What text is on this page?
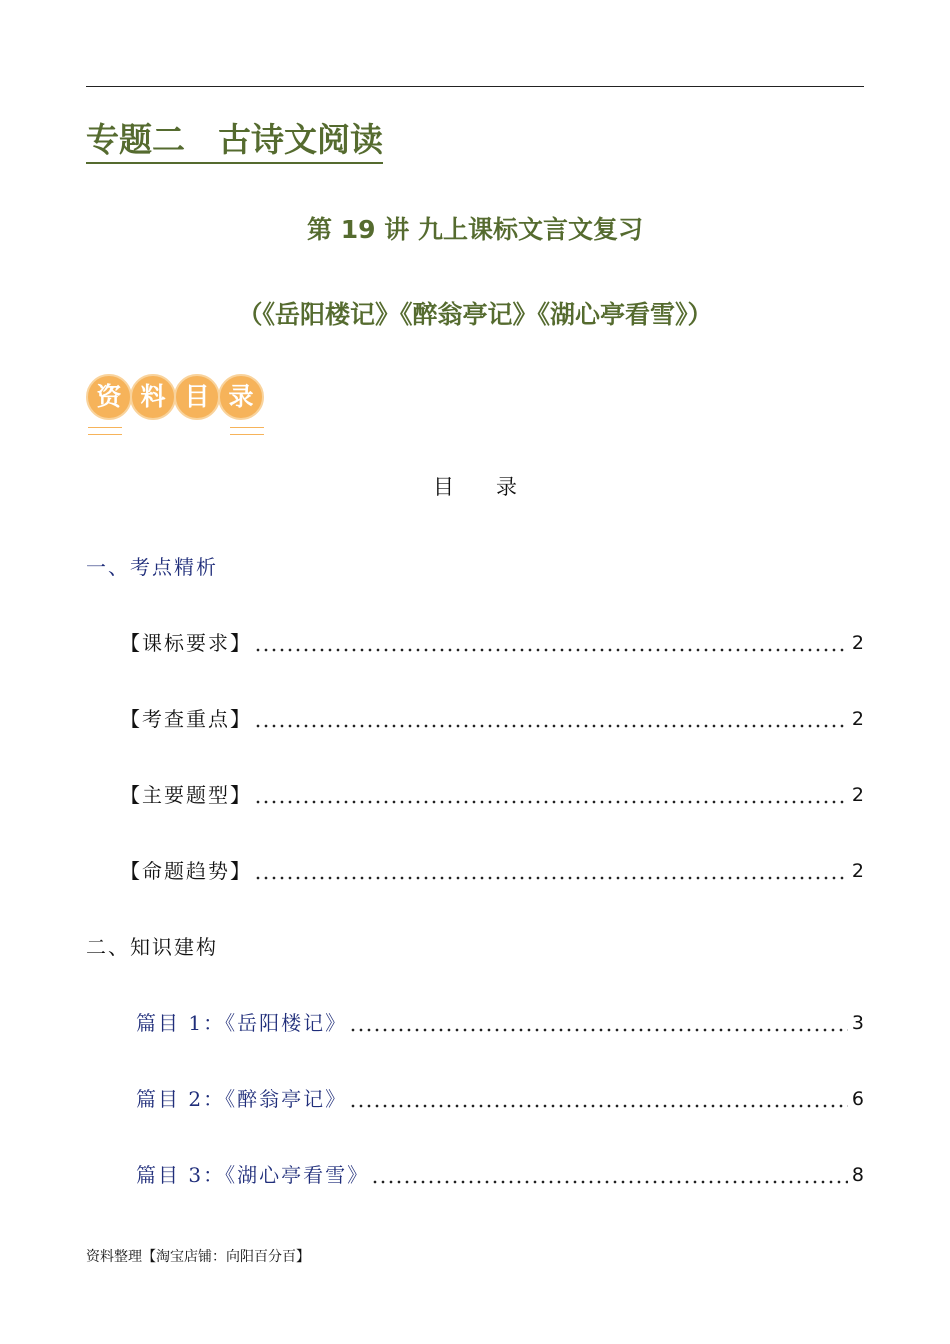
专题二　古诗文阅读
第 19 讲 九上课标文言文复习
（《岳阳楼记》《醉翁亭记》《湖心亭看雪》）
资 料 目 录
目 录
一、考点精析
【课标要求】	2
【考查重点】	2
【主要题型】	2
【命题趋势】	2
二、知识建构
篇目 1：《岳阳楼记》	3
篇目 2：《醉翁亭记》	6
篇目 3：《湖心亭看雪》	8
资料整理【淘宝店铺：向阳百分百】
